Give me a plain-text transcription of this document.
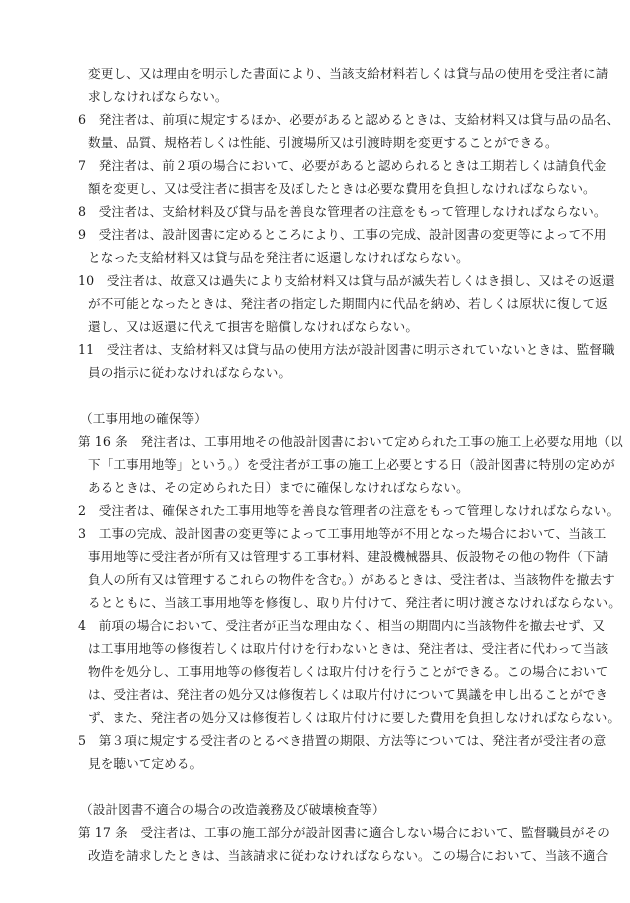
変更し、又は理由を明示した書面により、当該支給材料若しくは貸与品の使用を受注者に請
求しなければならない。
6　発注者は、前項に規定するほか、必要があると認めるときは、支給材料又は貸与品の品名、
数量、品質、規格若しくは性能、引渡場所又は引渡時期を変更することができる。
7　発注者は、前２項の場合において、必要があると認められるときは工期若しくは請負代金
額を変更し、又は受注者に損害を及ぼしたときは必要な費用を負担しなければならない。
8　受注者は、支給材料及び貸与品を善良な管理者の注意をもって管理しなければならない。
9　受注者は、設計図書に定めるところにより、工事の完成、設計図書の変更等によって不用
となった支給材料又は貸与品を発注者に返還しなければならない。
10　受注者は、故意又は過失により支給材料又は貸与品が滅失若しくはき損し、又はその返還
が不可能となったときは、発注者の指定した期間内に代品を納め、若しくは原状に復して返
還し、又は返還に代えて損害を賠償しなければならない。
11　受注者は、支給材料又は貸与品の使用方法が設計図書に明示されていないときは、監督職
員の指示に従わなければならない。
（工事用地の確保等）
第 16 条　発注者は、工事用地その他設計図書において定められた工事の施工上必要な用地（以
下「工事用地等」という。）を受注者が工事の施工上必要とする日（設計図書に特別の定めが
あるときは、その定められた日）までに確保しなければならない。
2　受注者は、確保された工事用地等を善良な管理者の注意をもって管理しなければならない。
3　工事の完成、設計図書の変更等によって工事用地等が不用となった場合において、当該工
事用地等に受注者が所有又は管理する工事材料、建設機械器具、仮設物その他の物件（下請
負人の所有又は管理するこれらの物件を含む。）があるときは、受注者は、当該物件を撤去す
るとともに、当該工事用地等を修復し、取り片付けて、発注者に明け渡さなければならない。
4　前項の場合において、受注者が正当な理由なく、相当の期間内に当該物件を撤去せず、又
は工事用地等の修復若しくは取片付けを行わないときは、発注者は、受注者に代わって当該
物件を処分し、工事用地等の修復若しくは取片付けを行うことができる。この場合において
は、受注者は、発注者の処分又は修復若しくは取片付けについて異議を申し出ることができ
ず、また、発注者の処分又は修復若しくは取片付けに要した費用を負担しなければならない。
5　第３項に規定する受注者のとるべき措置の期限、方法等については、発注者が受注者の意
見を聴いて定める。
（設計図書不適合の場合の改造義務及び破壊検査等）
第 17 条　受注者は、工事の施工部分が設計図書に適合しない場合において、監督職員がその
改造を請求したときは、当該請求に従わなければならない。この場合において、当該不適合
